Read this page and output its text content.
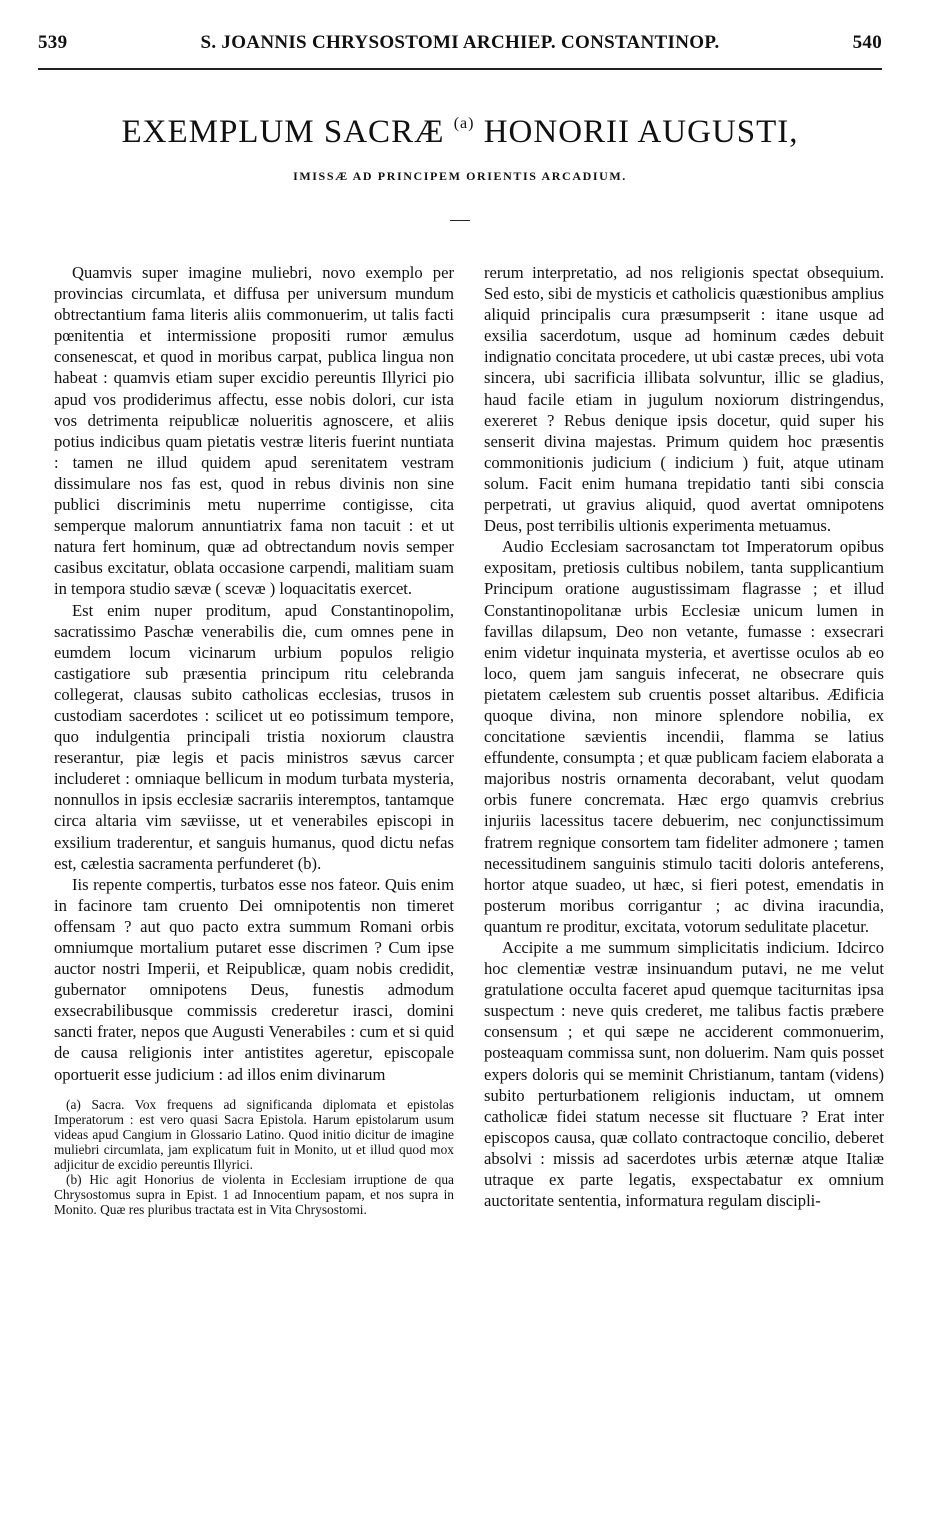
539	S. JOANNIS CHRYSOSTOMI ARCHIEP. CONSTANTINOP.	540
EXEMPLUM SACRÆ $^{(a)}$ HONORII AUGUSTI,
IMISSÆ AD PRINCIPEM ORIENTIS ARCADIUM.

Quamvis super imagine muliebri, novo exemplo per provincias circumlata, et diffusa per universum mundum obtrectantium fama literis aliis commonuerim, ut talis facti pœnitentia et intermissione propositi rumor æmulus consenescat, et quod in moribus carpat, publica lingua non habeat : quamvis etiam super excidio pereuntis Illyrici pio apud vos prodiderimus affectu, esse nobis dolori, cur ista vos detrimenta reipublicæ nolueritis agnoscere, et aliis potius indicibus quam pietatis vestræ literis fuerint nuntiata : tamen ne illud quidem apud serenitatem vestram dissimulare nos fas est, quod in rebus divinis non sine publici discriminis metu nuperrime contigisse, cita semperque malorum annuntiatrix fama non tacuit : et ut natura fert hominum, quæ ad obtrectandum novis semper casibus excitatur, oblata occasione carpendi, malitiam suam in tempora studio sævæ ( scevæ ) loquacitatis exercet.

Est enim nuper proditum, apud Constantinopolim, sacratissimo Paschæ venerabilis die, cum omnes pene in eumdem locum vicinarum urbium populos religio castigatiore sub præsentia principum ritu celebranda collegerat, clausas subito catholicas ecclesias, trusos in custodiam sacerdotes : scilicet ut eo potissimum tempore, quo indulgentia principali tristia noxiorum claustra reserantur, piæ legis et pacis ministros sævus carcer includeret : omniaque bellicum in modum turbata mysteria, nonnullos in ipsis ecclesiæ sacrariis interemptos, tantamque circa altaria vim sæviisse, ut et venerabiles episcopi in exsilium traderentur, et sanguis humanus, quod dictu nefas est, cælestia sacramenta perfunderet (b).

Iis repente compertis, turbatos esse nos fateor. Quis enim in facinore tam cruento Dei omnipotentis non timeret offensam ? aut quo pacto extra summum Romani orbis omniumque mortalium putaret esse discrimen ? Cum ipse auctor nostri Imperii, et Reipublicæ, quam nobis credidit, gubernator omnipotens Deus, funestis admodum exsecrabilibusque commissis crederetur irasci, domini sancti frater, nepos que Augusti Venerabiles : cum et si quid de causa religionis inter antistites ageretur, episcopale oportuerit esse judicium : ad illos enim divinarum

(a) Sacra. Vox frequens ad significanda diplomata et epistolas Imperatorum : est vero quasi Sacra Epistola. Harum epistolarum usum videas apud Cangium in Glossario Latino. Quod initio dicitur de imagine muliebri circumlata, jam explicatum fuit in Monito, ut et illud quod mox adjicitur de excidio pereuntis Illyrici.

(b) Hic agit Honorius de violenta in Ecclesiam irruptione de qua Chrysostomus supra in Epist. 1 ad Innocentium papam, et nos supra in Monito. Quæ res pluribus tractata est in Vita Chrysostomi.

rerum interpretatio, ad nos religionis spectat obsequium. Sed esto, sibi de mysticis et catholicis quæstionibus amplius aliquid principalis cura præsumpserit : itane usque ad exsilia sacerdotum, usque ad hominum cædes debuit indignatio concitata procedere, ut ubi castæ preces, ubi vota sincera, ubi sacrificia illibata solvuntur, illic se gladius, haud facile etiam in jugulum noxiorum distringendus, exereret ? Rebus denique ipsis docetur, quid super his senserit divina majestas. Primum quidem hoc præsentis commonitionis judicium ( indicium ) fuit, atque utinam solum. Facit enim humana trepidatio tanti sibi conscia perpetrati, ut gravius aliquid, quod avertat omnipotens Deus, post terribilis ultionis experimenta metuamus.

Audio Ecclesiam sacrosanctam tot Imperatorum opibus expositam, pretiosis cultibus nobilem, tanta supplicantium Principum oratione augustissimam flagrasse ; et illud Constantinopolitanæ urbis Ecclesiæ unicum lumen in favillas dilapsum, Deo non vetante, fumasse : exsecrari enim videtur inquinata mysteria, et avertisse oculos ab eo loco, quem jam sanguis infecerat, ne obsecrare quis pietatem cælestem sub cruentis posset altaribus. Ædificia quoque divina, non minore splendore nobilia, ex concitatione sævientis incendii, flamma se latius effundente, consumpta ; et quæ publicam faciem elaborata a majoribus nostris ornamenta decorabant, velut quodam orbis funere concremata. Hæc ergo quamvis crebrius injuriis lacessitus tacere debuerim, nec conjunctissimum fratrem regnique consortem tam fideliter admonere ; tamen necessitudinem sanguinis stimulo taciti doloris anteferens, hortor atque suadeo, ut hæc, si fieri potest, emendatis in posterum moribus corrigantur ; ac divina iracundia, quantum re proditur, excitata, votorum sedulitate placetur.

Accipite a me summum simplicitatis indicium. Idcirco hoc clementiæ vestræ insinuandum putavi, ne me velut gratulatione occulta faceret apud quemque taciturnitas ipsa suspectum : neve quis crederet, me talibus factis præbere consensum ; et qui sæpe ne acciderent commonuerim, posteaquam commissa sunt, non doluerim. Nam quis posset expers doloris qui se meminit Christianum, tantam (videns) subito perturbationem religionis inductam, ut omnem catholicæ fidei statum necesse sit fluctuare ? Erat inter episcopos causa, quæ collato contractoque concilio, deberet absolvi : missis ad sacerdotes urbis æternæ atque Italiæ utraque ex parte legatis, exspectabatur ex omnium auctoritate sententia, informatura regulam discipli-
